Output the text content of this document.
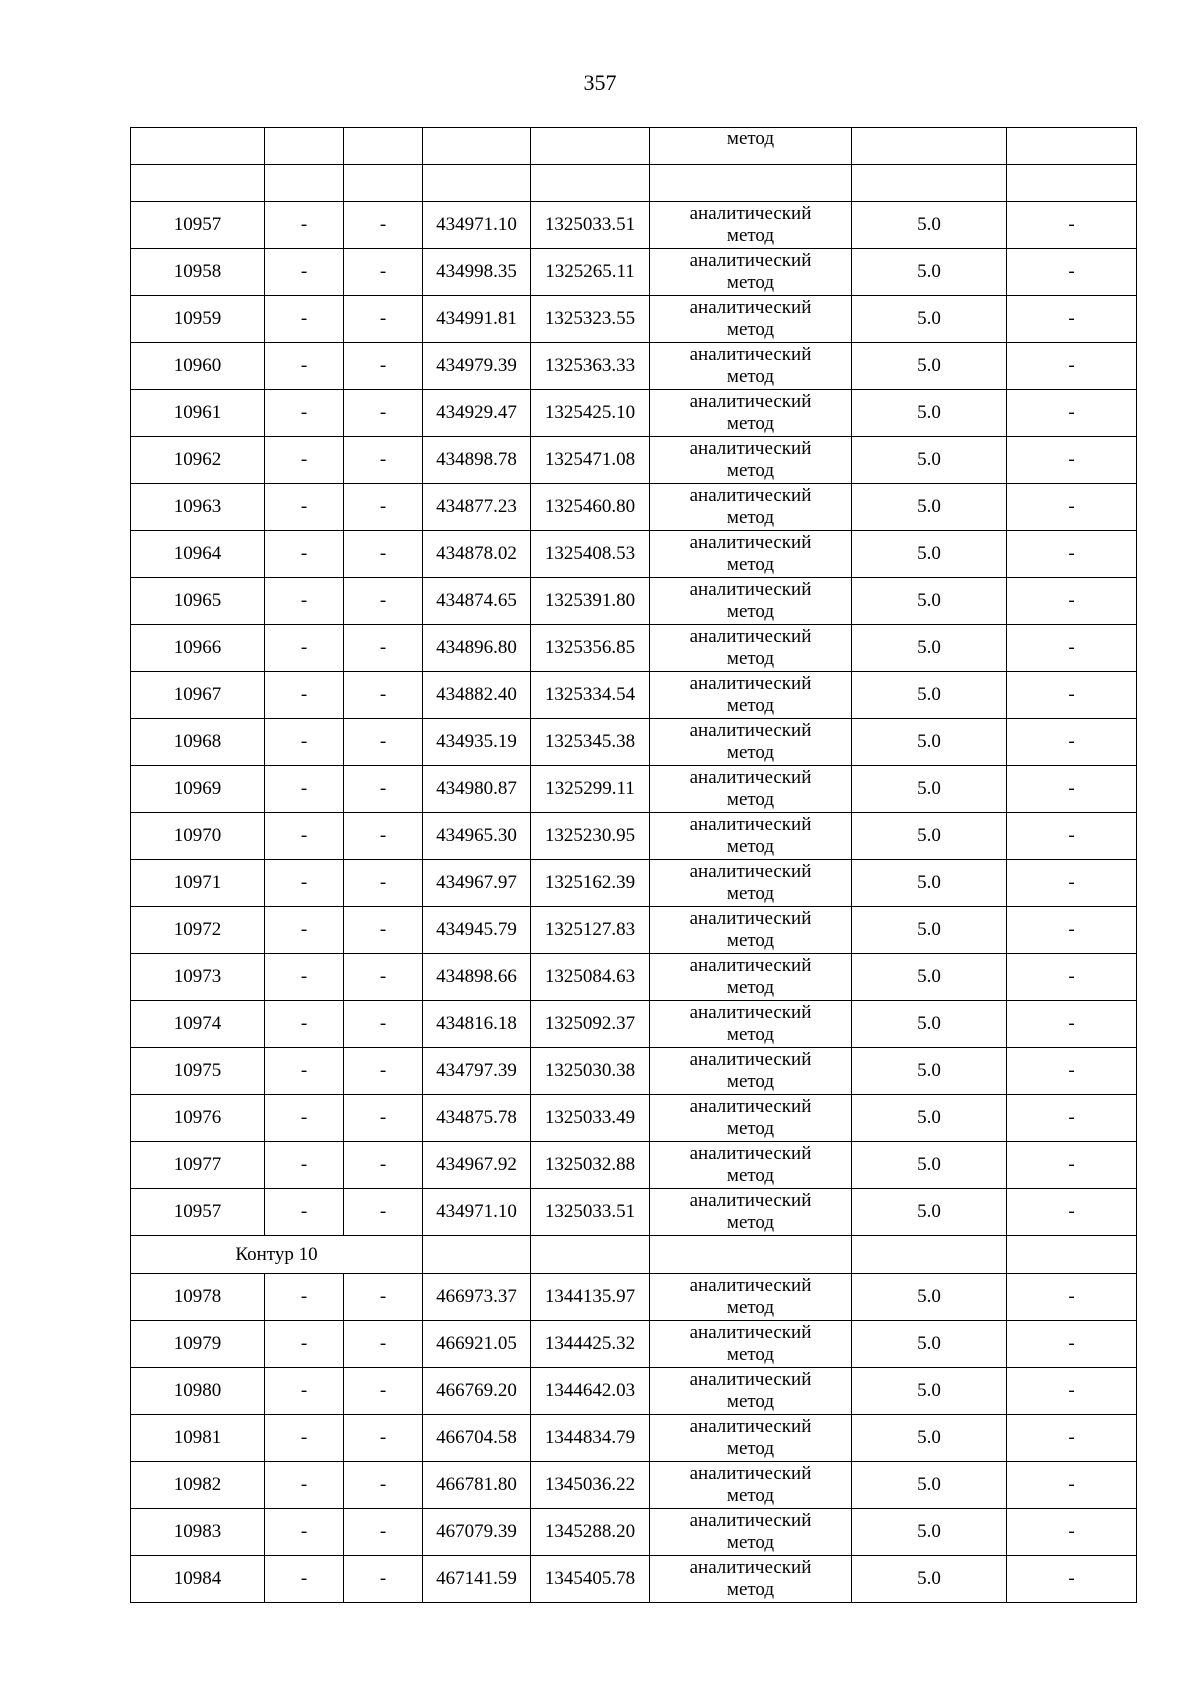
357
					метод		

10957	-	-	434971.10	1325033.51	аналитический
метод	5.0	-
10958	-	-	434998.35	1325265.11	аналитический
метод	5.0	-
10959	-	-	434991.81	1325323.55	аналитический
метод	5.0	-
10960	-	-	434979.39	1325363.33	аналитический
метод	5.0	-
10961	-	-	434929.47	1325425.10	аналитический
метод	5.0	-
10962	-	-	434898.78	1325471.08	аналитический
метод	5.0	-
10963	-	-	434877.23	1325460.80	аналитический
метод	5.0	-
10964	-	-	434878.02	1325408.53	аналитический
метод	5.0	-
10965	-	-	434874.65	1325391.80	аналитический
метод	5.0	-
10966	-	-	434896.80	1325356.85	аналитический
метод	5.0	-
10967	-	-	434882.40	1325334.54	аналитический
метод	5.0	-
10968	-	-	434935.19	1325345.38	аналитический
метод	5.0	-
10969	-	-	434980.87	1325299.11	аналитический
метод	5.0	-
10970	-	-	434965.30	1325230.95	аналитический
метод	5.0	-
10971	-	-	434967.97	1325162.39	аналитический
метод	5.0	-
10972	-	-	434945.79	1325127.83	аналитический
метод	5.0	-
10973	-	-	434898.66	1325084.63	аналитический
метод	5.0	-
10974	-	-	434816.18	1325092.37	аналитический
метод	5.0	-
10975	-	-	434797.39	1325030.38	аналитический
метод	5.0	-
10976	-	-	434875.78	1325033.49	аналитический
метод	5.0	-
10977	-	-	434967.92	1325032.88	аналитический
метод	5.0	-
10957	-	-	434971.10	1325033.51	аналитический
метод	5.0	-
Контур 10							
10978	-	-	466973.37	1344135.97	аналитический
метод	5.0	-
10979	-	-	466921.05	1344425.32	аналитический
метод	5.0	-
10980	-	-	466769.20	1344642.03	аналитический
метод	5.0	-
10981	-	-	466704.58	1344834.79	аналитический
метод	5.0	-
10982	-	-	466781.80	1345036.22	аналитический
метод	5.0	-
10983	-	-	467079.39	1345288.20	аналитический
метод	5.0	-
10984	-	-	467141.59	1345405.78	аналитический
метод	5.0	-
